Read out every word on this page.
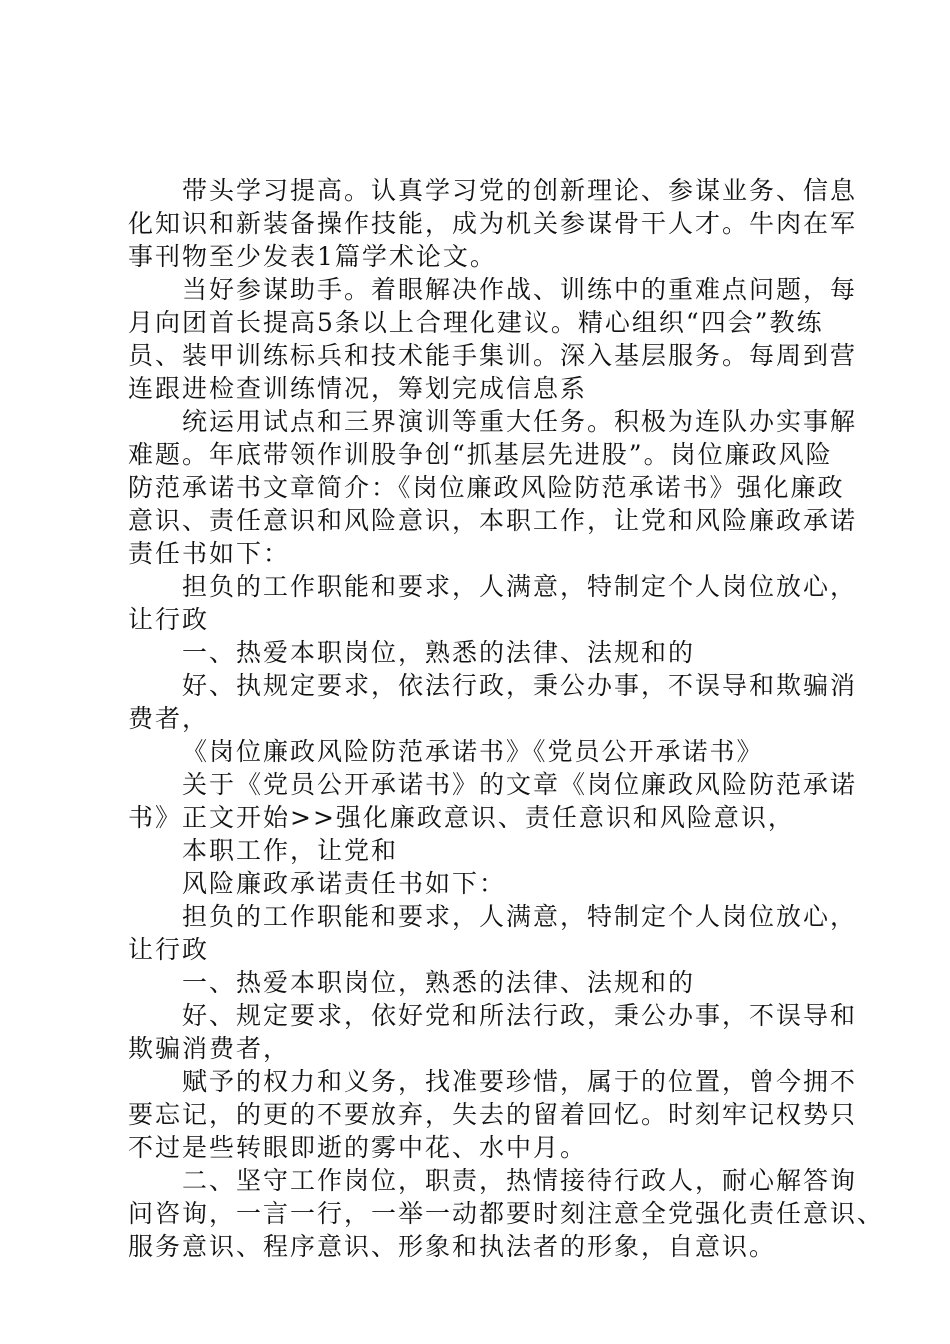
带头学习提高。认真学习党的创新理论、参谋业务、信息
化知识和新装备操作技能，成为机关参谋骨干人才。牛肉在军
事刊物至少发表1篇学术论文。
当好参谋助手。着眼解决作战、训练中的重难点问题，每
月向团首长提高5条以上合理化建议。精心组织“四会”教练
员、装甲训练标兵和技术能手集训。深入基层服务。每周到营
连跟进检查训练情况，筹划完成信息系
统运用试点和三界演训等重大任务。积极为连队办实事解
难题。年底带领作训股争创“抓基层先进股”。岗位廉政风险
防范承诺书文章简介：《岗位廉政风险防范承诺书》强化廉政
意识、责任意识和风险意识，本职工作，让党和风险廉政承诺
责任书如下：
担负的工作职能和要求，人满意，特制定个人岗位放心，
让行政
一、热爱本职岗位，熟悉的法律、法规和的
好、执规定要求，依法行政，秉公办事，不误导和欺骗消
费者，
《岗位廉政风险防范承诺书》《党员公开承诺书》
关于《党员公开承诺书》的文章《岗位廉政风险防范承诺
书》正文开始>>强化廉政意识、责任意识和风险意识，
本职工作，让党和
风险廉政承诺责任书如下：
担负的工作职能和要求，人满意，特制定个人岗位放心，
让行政
一、热爱本职岗位，熟悉的法律、法规和的
好、规定要求，依好党和所法行政，秉公办事，不误导和
欺骗消费者，
赋予的权力和义务，找准要珍惜，属于的位置，曾今拥不
要忘记，的更的不要放弃，失去的留着回忆。时刻牢记权势只
不过是些转眼即逝的雾中花、水中月。
二、坚守工作岗位，职责，热情接待行政人，耐心解答询
问咨询，一言一行，一举一动都要时刻注意全党强化责任意识、
服务意识、程序意识、形象和执法者的形象，自意识。
